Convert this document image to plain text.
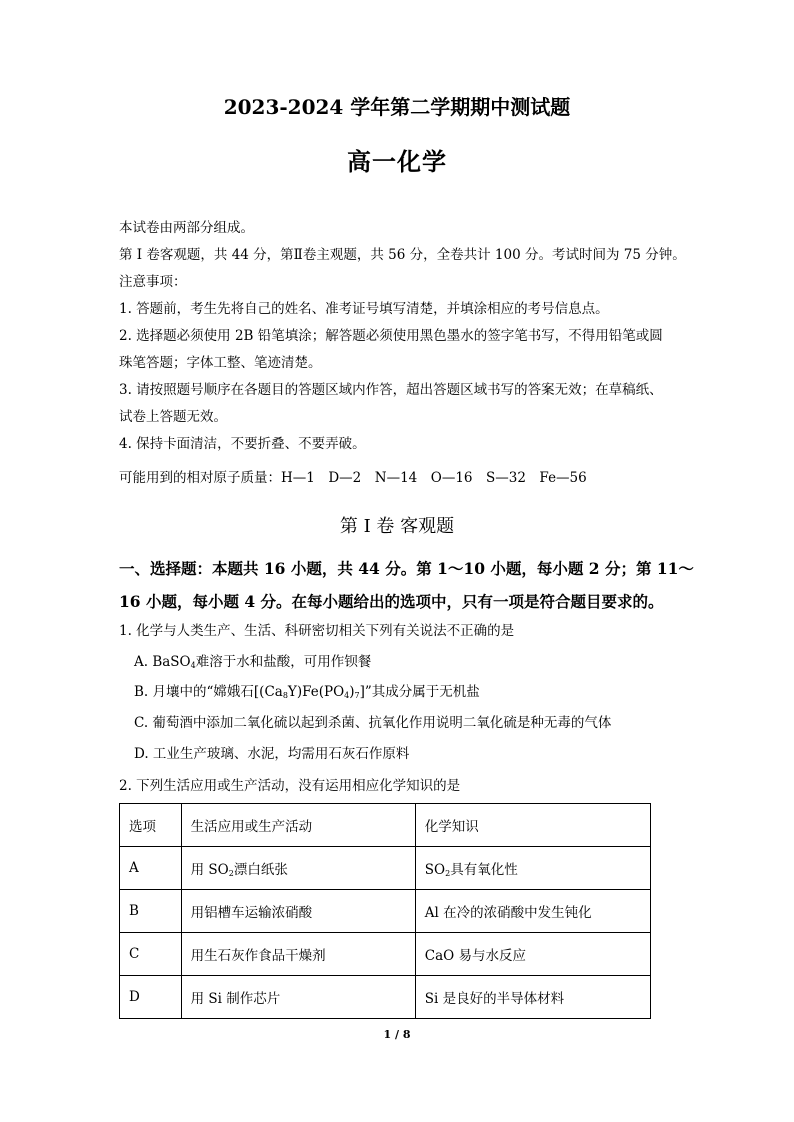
2023-2024 学年第二学期期中测试题
高一化学
本试卷由两部分组成。
第 I 卷客观题，共 44 分，第Ⅱ卷主观题，共 56 分，全卷共计 100 分。考试时间为 75 分钟。
注意事项：
1. 答题前，考生先将自己的姓名、准考证号填写清楚，并填涂相应的考号信息点。
2. 选择题必须使用 2B 铅笔填涂；解答题必须使用黑色墨水的签字笔书写，不得用铅笔或圆
珠笔答题；字体工整、笔迹清楚。
3. 请按照题号顺序在各题目的答题区域内作答，超出答题区域书写的答案无效；在草稿纸、
试卷上答题无效。
4. 保持卡面清洁，不要折叠、不要弄破。
可能用到的相对原子质量：H—1　D—2　N—14　O—16　S—32　Fe—56
第 I 卷 客观题
一、选择题：本题共 16 小题，共 44 分。第 1～10 小题，每小题 2 分；第 11～
16 小题，每小题 4 分。在每小题给出的选项中，只有一项是符合题目要求的。
1. 化学与人类生产、生活、科研密切相关下列有关说法不正确的是
A. BaSO$_4$难溶于水和盐酸，可用作钡餐
B. 月壤中的“嫦娥石$[(Ca_8Y)Fe(PO_4)_7]$”其成分属于无机盐
C. 葡萄酒中添加二氧化硫以起到杀菌、抗氧化作用说明二氧化硫是种无毒的气体
D. 工业生产玻璃、水泥，均需用石灰石作原料
2. 下列生活应用或生产活动，没有运用相应化学知识的是
选项	生活应用或生产活动	化学知识
A	用 $SO_2$漂白纸张	$SO_2$具有氧化性
B	用铝槽车运输浓硝酸	Al 在冷的浓硝酸中发生钝化
C	用生石灰作食品干燥剂	CaO 易与水反应
D	用 Si 制作芯片	Si 是良好的半导体材料
1 / 8
